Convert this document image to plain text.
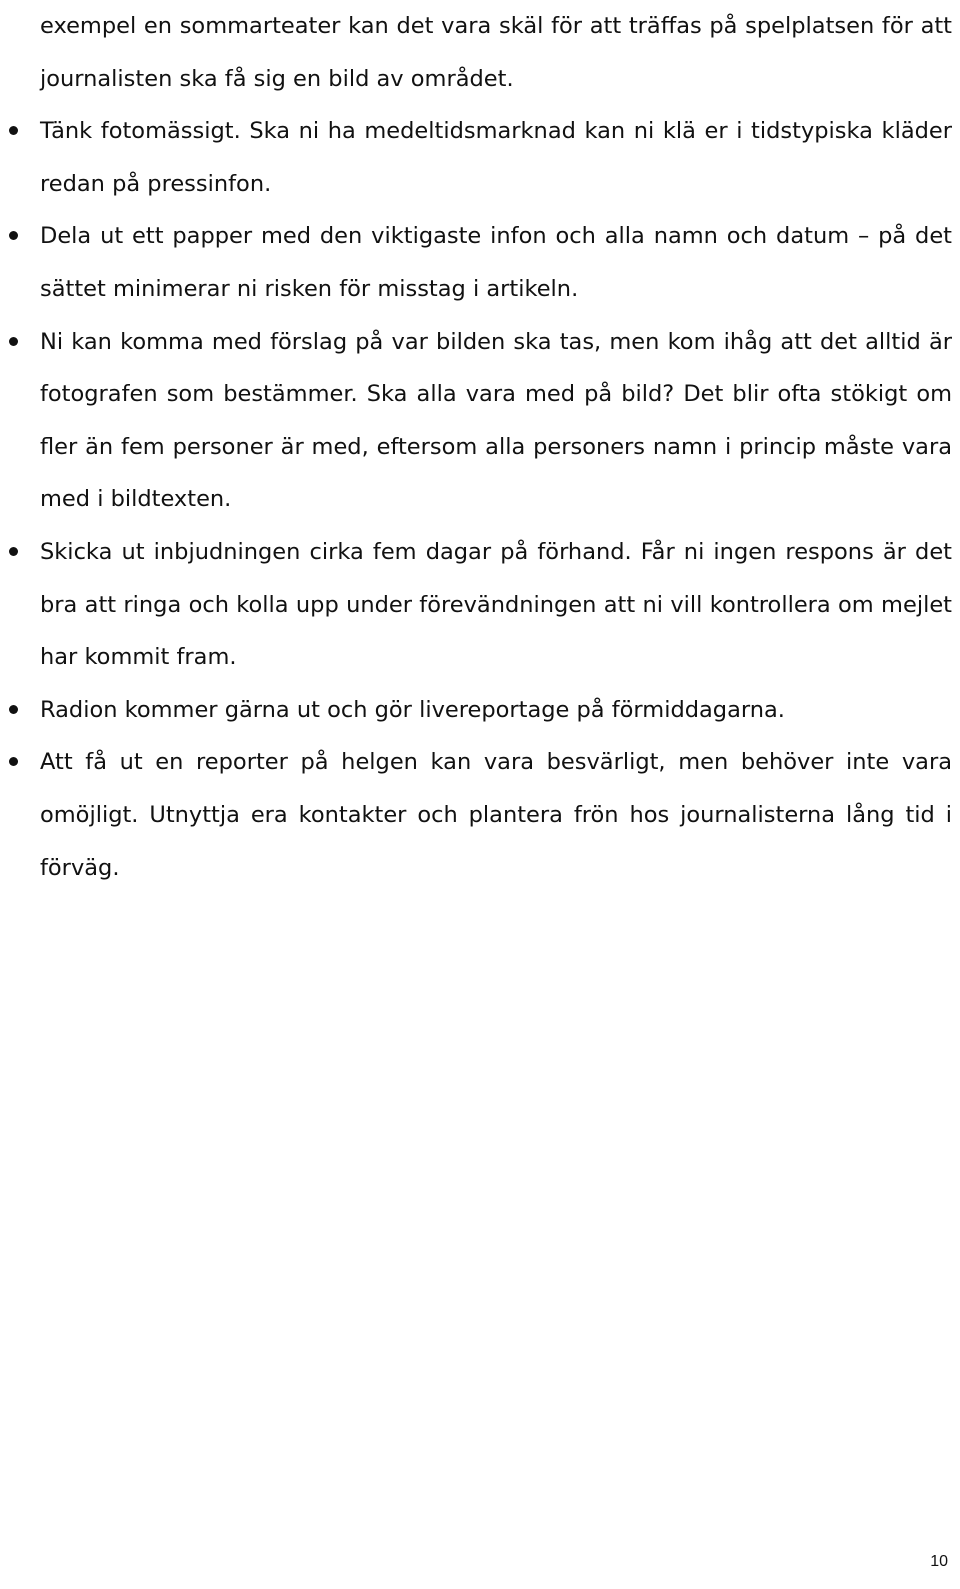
exempel en sommarteater kan det vara skäl för att träffas på spelplatsen för att journalisten ska få sig en bild av området.

Tänk fotomässigt. Ska ni ha medeltidsmarknad kan ni klä er i tidstypiska kläder redan på pressinfon.
Dela ut ett papper med den viktigaste infon och alla namn och datum – på det sättet minimerar ni risken för misstag i artikeln.
Ni kan komma med förslag på var bilden ska tas, men kom ihåg att det alltid är fotografen som bestämmer. Ska alla vara med på bild? Det blir ofta stökigt om fler än fem personer är med, eftersom alla personers namn i princip måste vara med i bildtexten.
Skicka ut inbjudningen cirka fem dagar på förhand. Får ni ingen respons är det bra att ringa och kolla upp under förevändningen att ni vill kontrollera om mejlet har kommit fram.
Radion kommer gärna ut och gör livereportage på förmiddagarna.
Att få ut en reporter på helgen kan vara besvärligt, men behöver inte vara omöjligt. Utnyttja era kontakter och plantera frön hos journalisterna lång tid i förväg.
10
